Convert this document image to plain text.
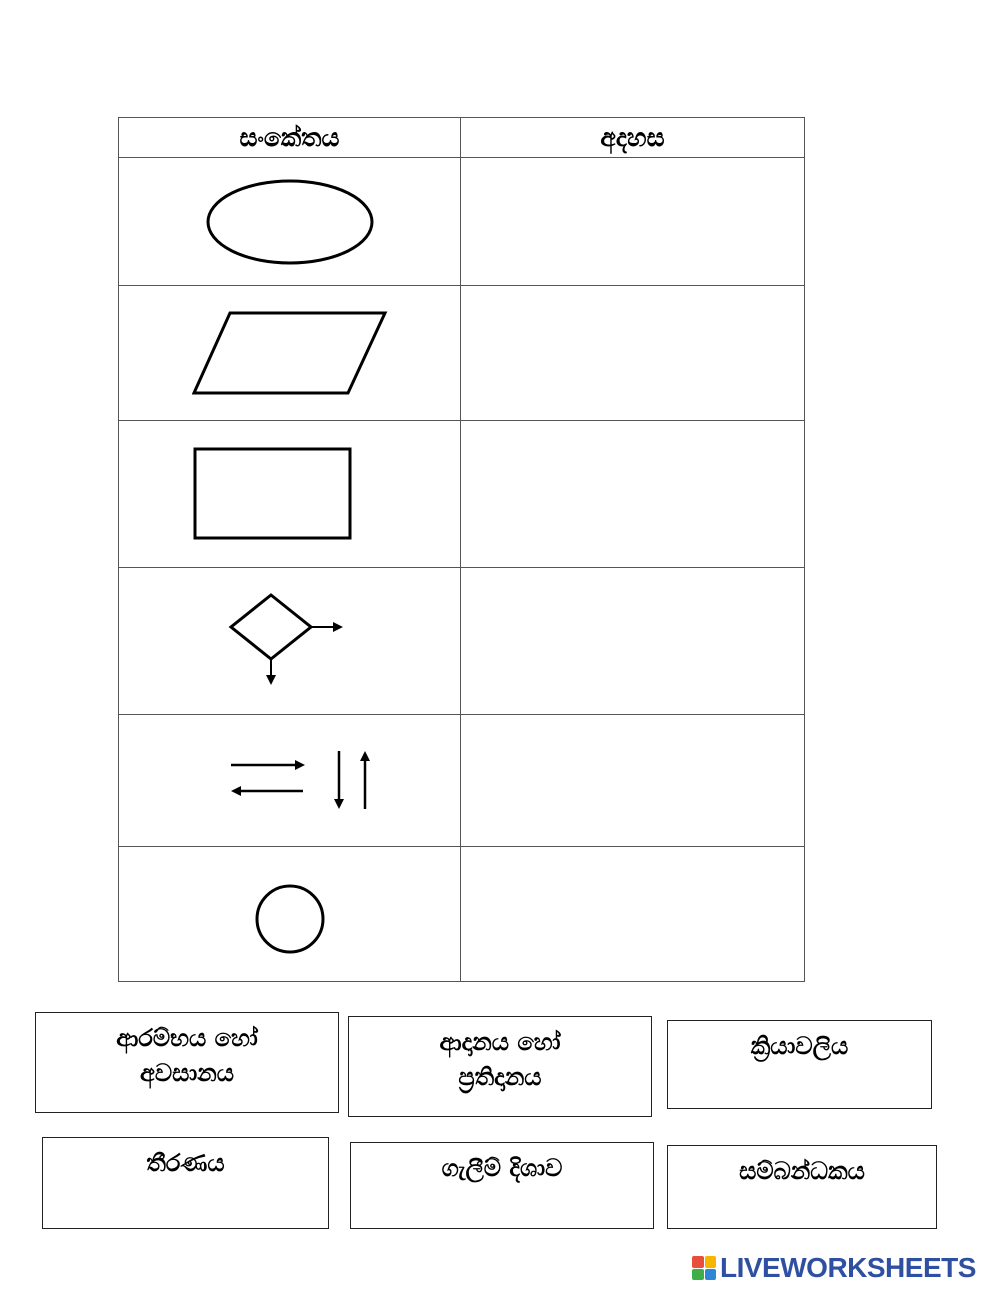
සංකේතය	අදහස

ආරම්භය හෝ
අවසානය
ආදානය හෝ
ප්‍රතිදානය
ක්‍රියාවලිය
තීරණය	ගැලීම් දිශාව	සම්බන්ධකය
LIVEWORKSHEETS
